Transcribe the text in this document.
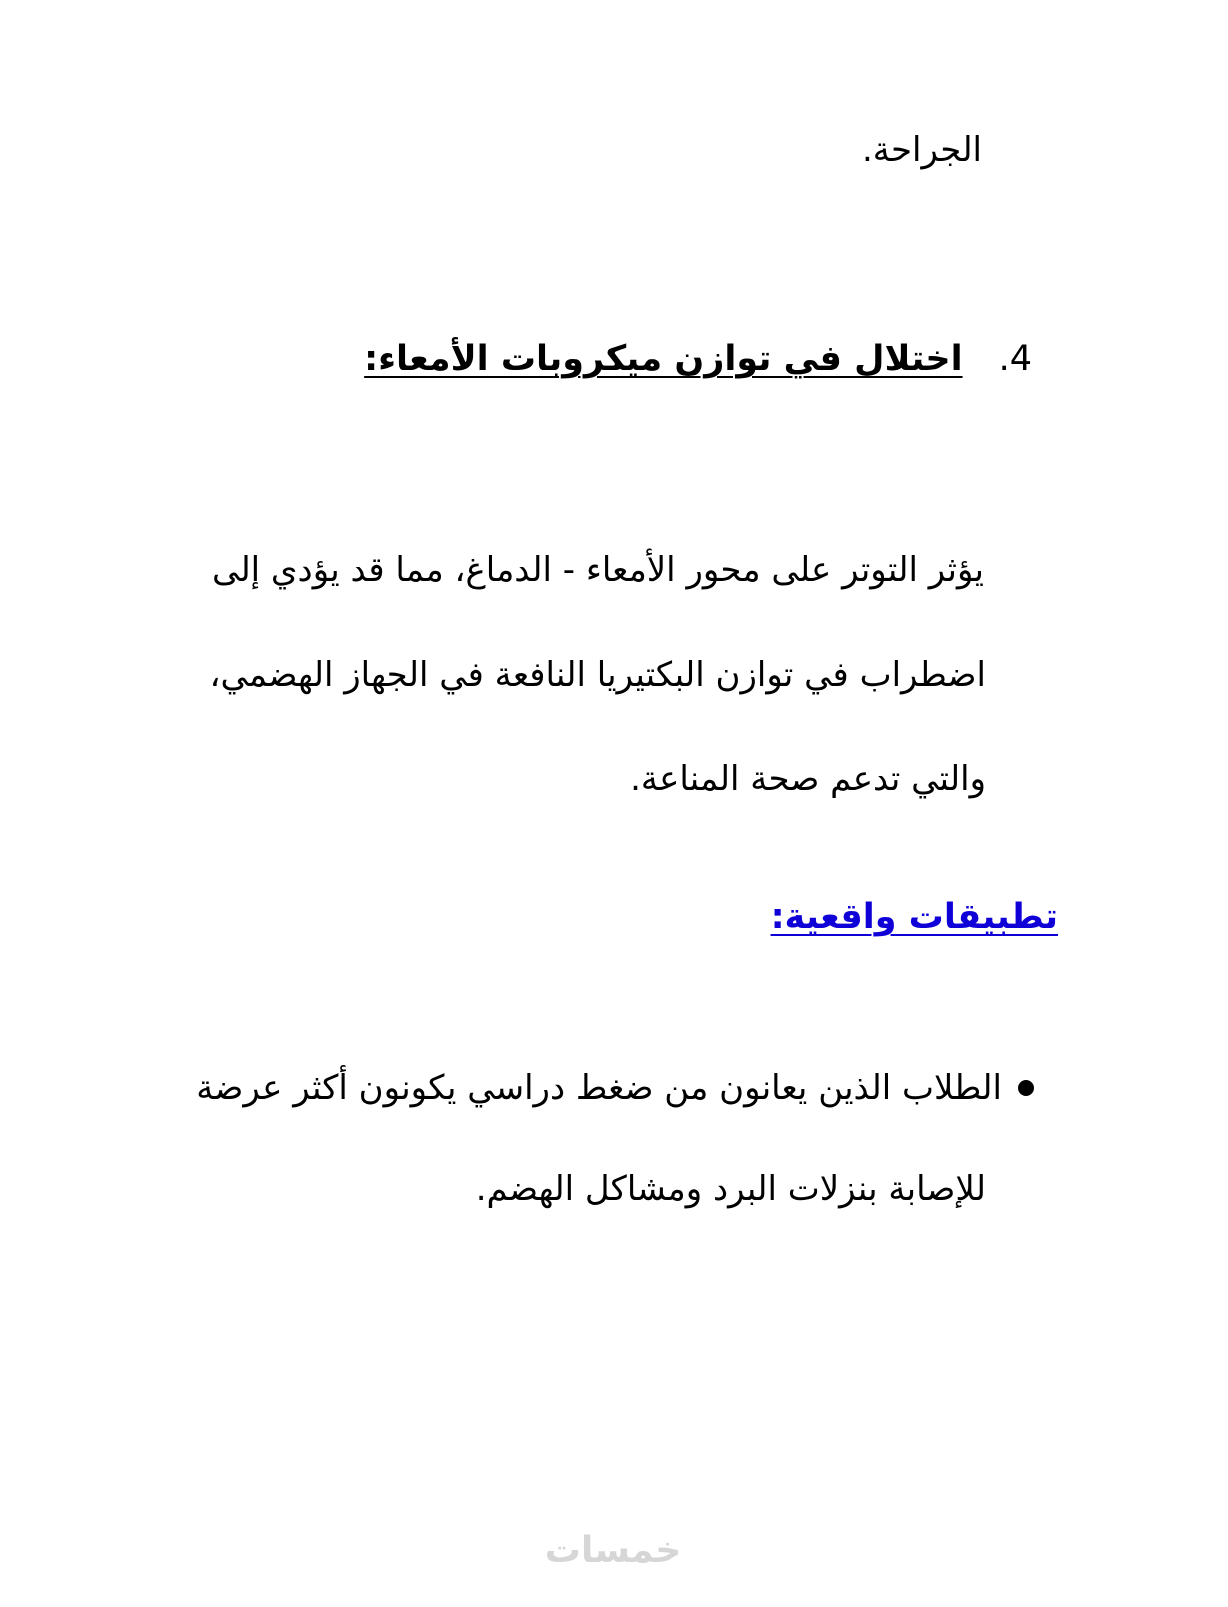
الجراحة.
4.اختلال في توازن ميكروبات الأمعاء:
يؤثر التوتر على محور الأمعاء - الدماغ، مما قد يؤدي إلى
اضطراب في توازن البكتيريا النافعة في الجهاز الهضمي،
والتي تدعم صحة المناعة.
تطبيقات واقعية:
الطلاب الذين يعانون من ضغط دراسي يكونون أكثر عرضة
للإصابة بنزلات البرد ومشاكل الهضم.
خمسات
